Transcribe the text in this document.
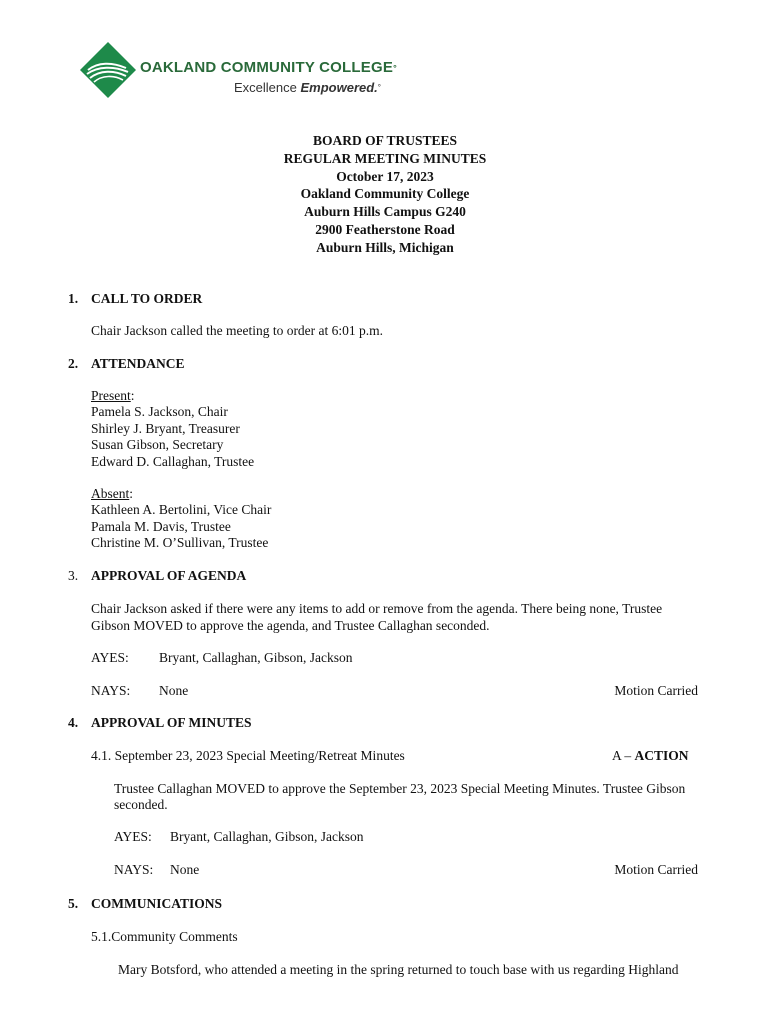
OAKLAND COMMUNITY COLLEGE°
Excellence Empowered.°
BOARD OF TRUSTEES
REGULAR MEETING MINUTES
October 17, 2023
Oakland Community College
Auburn Hills Campus G240
2900 Featherstone Road
Auburn Hills, Michigan
1. CALL TO ORDER
Chair Jackson called the meeting to order at 6:01 p.m.
2. ATTENDANCE
Present:
Pamela S. Jackson, Chair
Shirley J. Bryant, Treasurer
Susan Gibson, Secretary
Edward D. Callaghan, Trustee
Absent:
Kathleen A. Bertolini, Vice Chair
Pamala M. Davis, Trustee
Christine M. O’Sullivan, Trustee
3. APPROVAL OF AGENDA
Chair Jackson asked if there were any items to add or remove from the agenda. There being none, Trustee
Gibson MOVED to approve the agenda, and Trustee Callaghan seconded.
AYES: Bryant, Callaghan, Gibson, Jackson
NAYS: None	Motion Carried
4. APPROVAL OF MINUTES
4.1. September 23, 2023 Special Meeting/Retreat Minutes	A – ACTION
Trustee Callaghan MOVED to approve the September 23, 2023 Special Meeting Minutes. Trustee Gibson
seconded.
AYES: Bryant, Callaghan, Gibson, Jackson
NAYS: None	Motion Carried
5. COMMUNICATIONS
5.1.Community Comments
Mary Botsford, who attended a meeting in the spring returned to touch base with us regarding Highland
